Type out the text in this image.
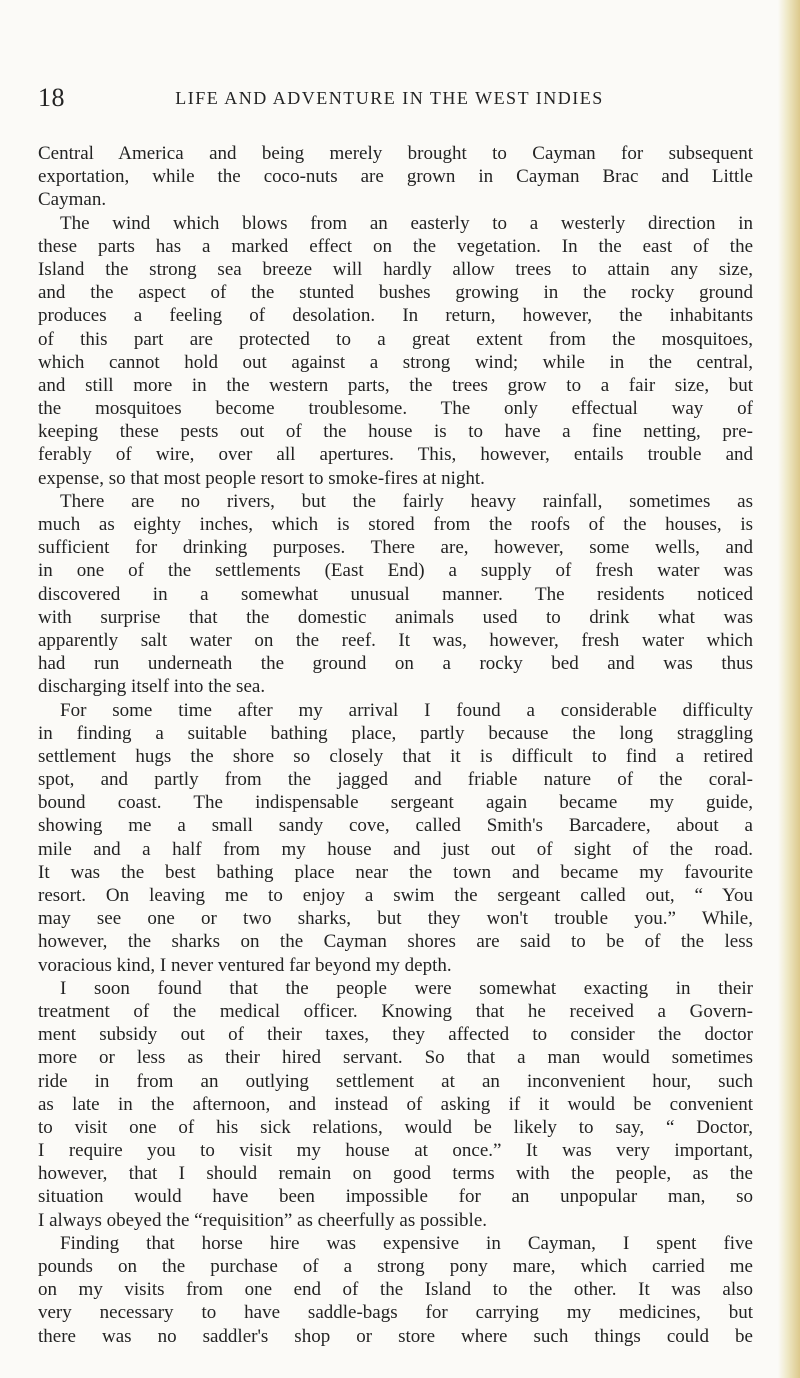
18	LIFE AND ADVENTURE IN THE WEST INDIES
Central America and being merely brought to Cayman for subsequent
exportation, while the coco-nuts are grown in Cayman Brac and Little
Cayman.
The wind which blows from an easterly to a westerly direction in
these parts has a marked effect on the vegetation. In the east of the
Island the strong sea breeze will hardly allow trees to attain any size,
and the aspect of the stunted bushes growing in the rocky ground
produces a feeling of desolation. In return, however, the inhabitants
of this part are protected to a great extent from the mosquitoes,
which cannot hold out against a strong wind; while in the central,
and still more in the western parts, the trees grow to a fair size, but
the mosquitoes become troublesome. The only effectual way of
keeping these pests out of the house is to have a fine netting, pre-
ferably of wire, over all apertures. This, however, entails trouble and
expense, so that most people resort to smoke-fires at night.
There are no rivers, but the fairly heavy rainfall, sometimes as
much as eighty inches, which is stored from the roofs of the houses, is
sufficient for drinking purposes. There are, however, some wells, and
in one of the settlements (East End) a supply of fresh water was
discovered in a somewhat unusual manner. The residents noticed
with surprise that the domestic animals used to drink what was
apparently salt water on the reef. It was, however, fresh water which
had run underneath the ground on a rocky bed and was thus
discharging itself into the sea.
For some time after my arrival I found a considerable difficulty
in finding a suitable bathing place, partly because the long straggling
settlement hugs the shore so closely that it is difficult to find a retired
spot, and partly from the jagged and friable nature of the coral-
bound coast. The indispensable sergeant again became my guide,
showing me a small sandy cove, called Smith's Barcadere, about a
mile and a half from my house and just out of sight of the road.
It was the best bathing place near the town and became my favourite
resort. On leaving me to enjoy a swim the sergeant called out, “ You
may see one or two sharks, but they won't trouble you.” While,
however, the sharks on the Cayman shores are said to be of the less
voracious kind, I never ventured far beyond my depth.
I soon found that the people were somewhat exacting in their
treatment of the medical officer. Knowing that he received a Govern-
ment subsidy out of their taxes, they affected to consider the doctor
more or less as their hired servant. So that a man would sometimes
ride in from an outlying settlement at an inconvenient hour, such
as late in the afternoon, and instead of asking if it would be convenient
to visit one of his sick relations, would be likely to say, “ Doctor,
I require you to visit my house at once.” It was very important,
however, that I should remain on good terms with the people, as the
situation would have been impossible for an unpopular man, so
I always obeyed the “requisition” as cheerfully as possible.
Finding that horse hire was expensive in Cayman, I spent five
pounds on the purchase of a strong pony mare, which carried me
on my visits from one end of the Island to the other. It was also
very necessary to have saddle-bags for carrying my medicines, but
there was no saddler's shop or store where such things could be
